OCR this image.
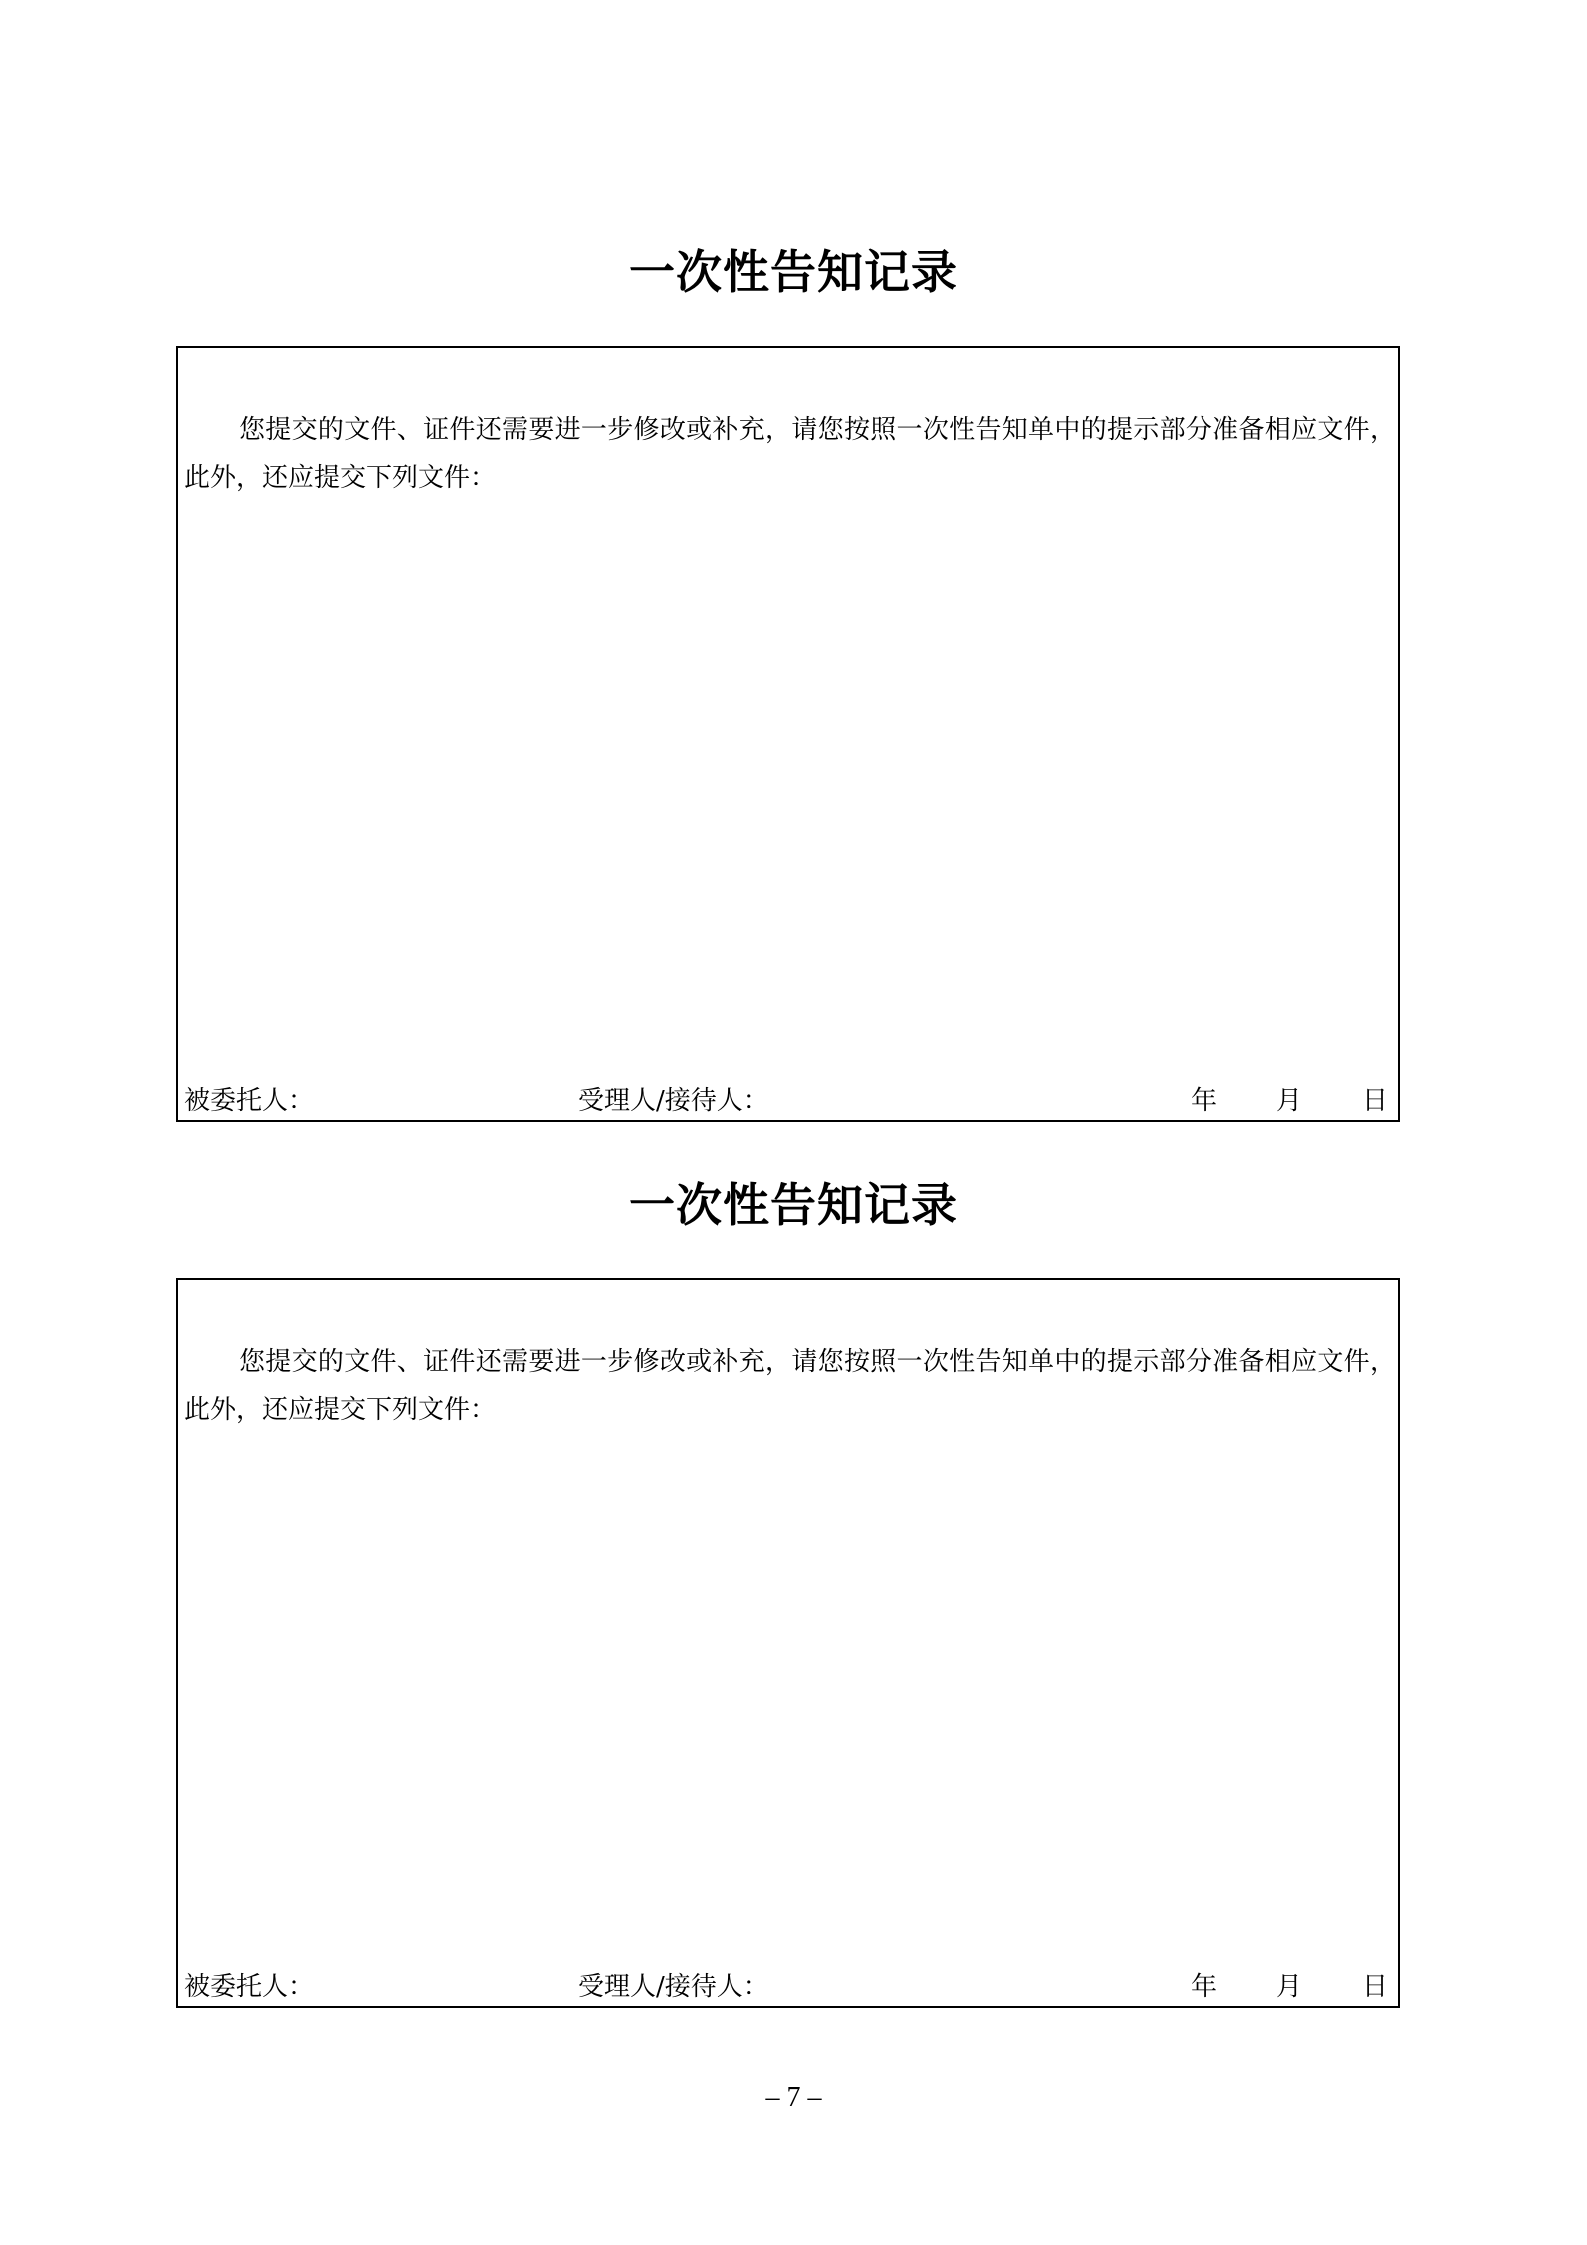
一次性告知记录
您提交的文件、证件还需要进一步修改或补充，请您按照一次性告知单中的提示部分准备相应文件，此外，还应提交下列文件：
被委托人：	受理人/接待人：	年 月 日
一次性告知记录
您提交的文件、证件还需要进一步修改或补充，请您按照一次性告知单中的提示部分准备相应文件，此外，还应提交下列文件：
被委托人：	受理人/接待人：	年 月 日
– 7 –
